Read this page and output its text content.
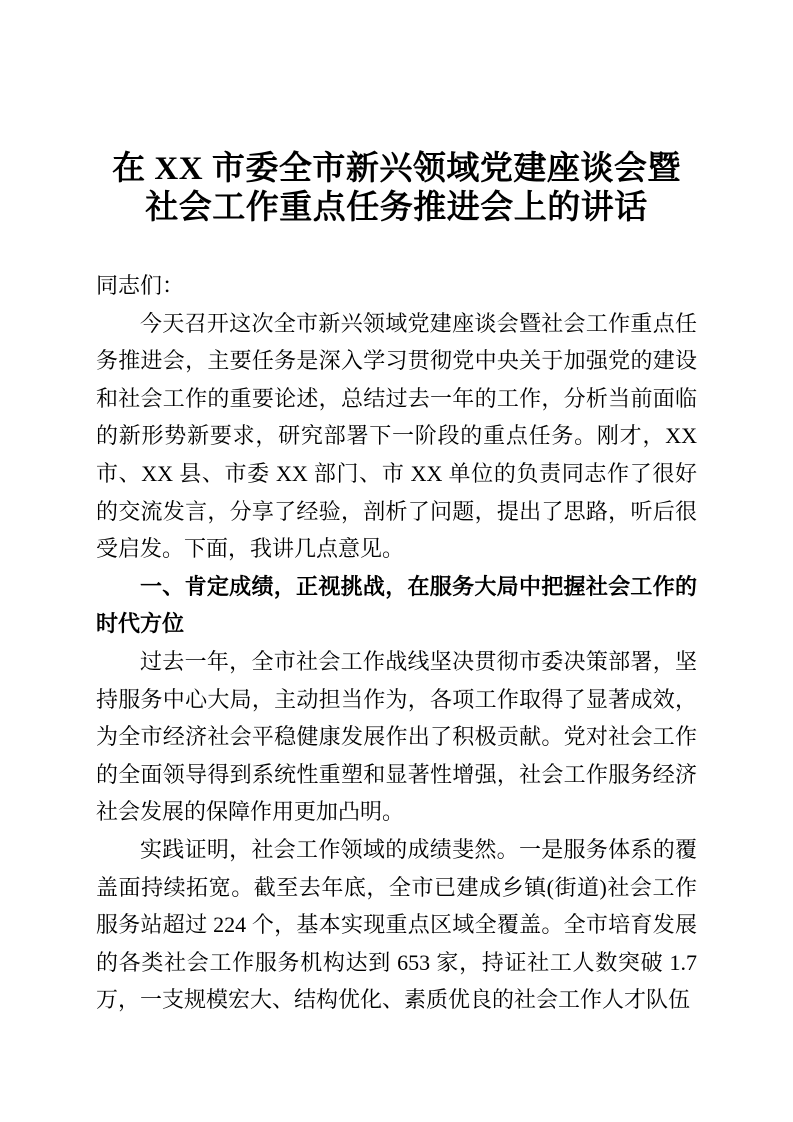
在 XX 市委全市新兴领域党建座谈会暨社会工作重点任务推进会上的讲话

同志们：

今天召开这次全市新兴领域党建座谈会暨社会工作重点任务推进会，主要任务是深入学习贯彻党中央关于加强党的建设和社会工作的重要论述，总结过去一年的工作，分析当前面临的新形势新要求，研究部署下一阶段的重点任务。刚才，XX 市、XX 县、市委 XX 部门、市 XX 单位的负责同志作了很好的交流发言，分享了经验，剖析了问题，提出了思路，听后很受启发。下面，我讲几点意见。

一、肯定成绩，正视挑战，在服务大局中把握社会工作的时代方位

过去一年，全市社会工作战线坚决贯彻市委决策部署，坚持服务中心大局，主动担当作为，各项工作取得了显著成效，为全市经济社会平稳健康发展作出了积极贡献。党对社会工作的全面领导得到系统性重塑和显著性增强，社会工作服务经济社会发展的保障作用更加凸明。

实践证明，社会工作领域的成绩斐然。一是服务体系的覆盖面持续拓宽。截至去年底，全市已建成乡镇(街道)社会工作服务站超过 224 个，基本实现重点区域全覆盖。全市培育发展的各类社会工作服务机构达到 653 家，持证社工人数突破 1.7 万，一支规模宏大、结构优化、素质优良的社会工作人才队伍
